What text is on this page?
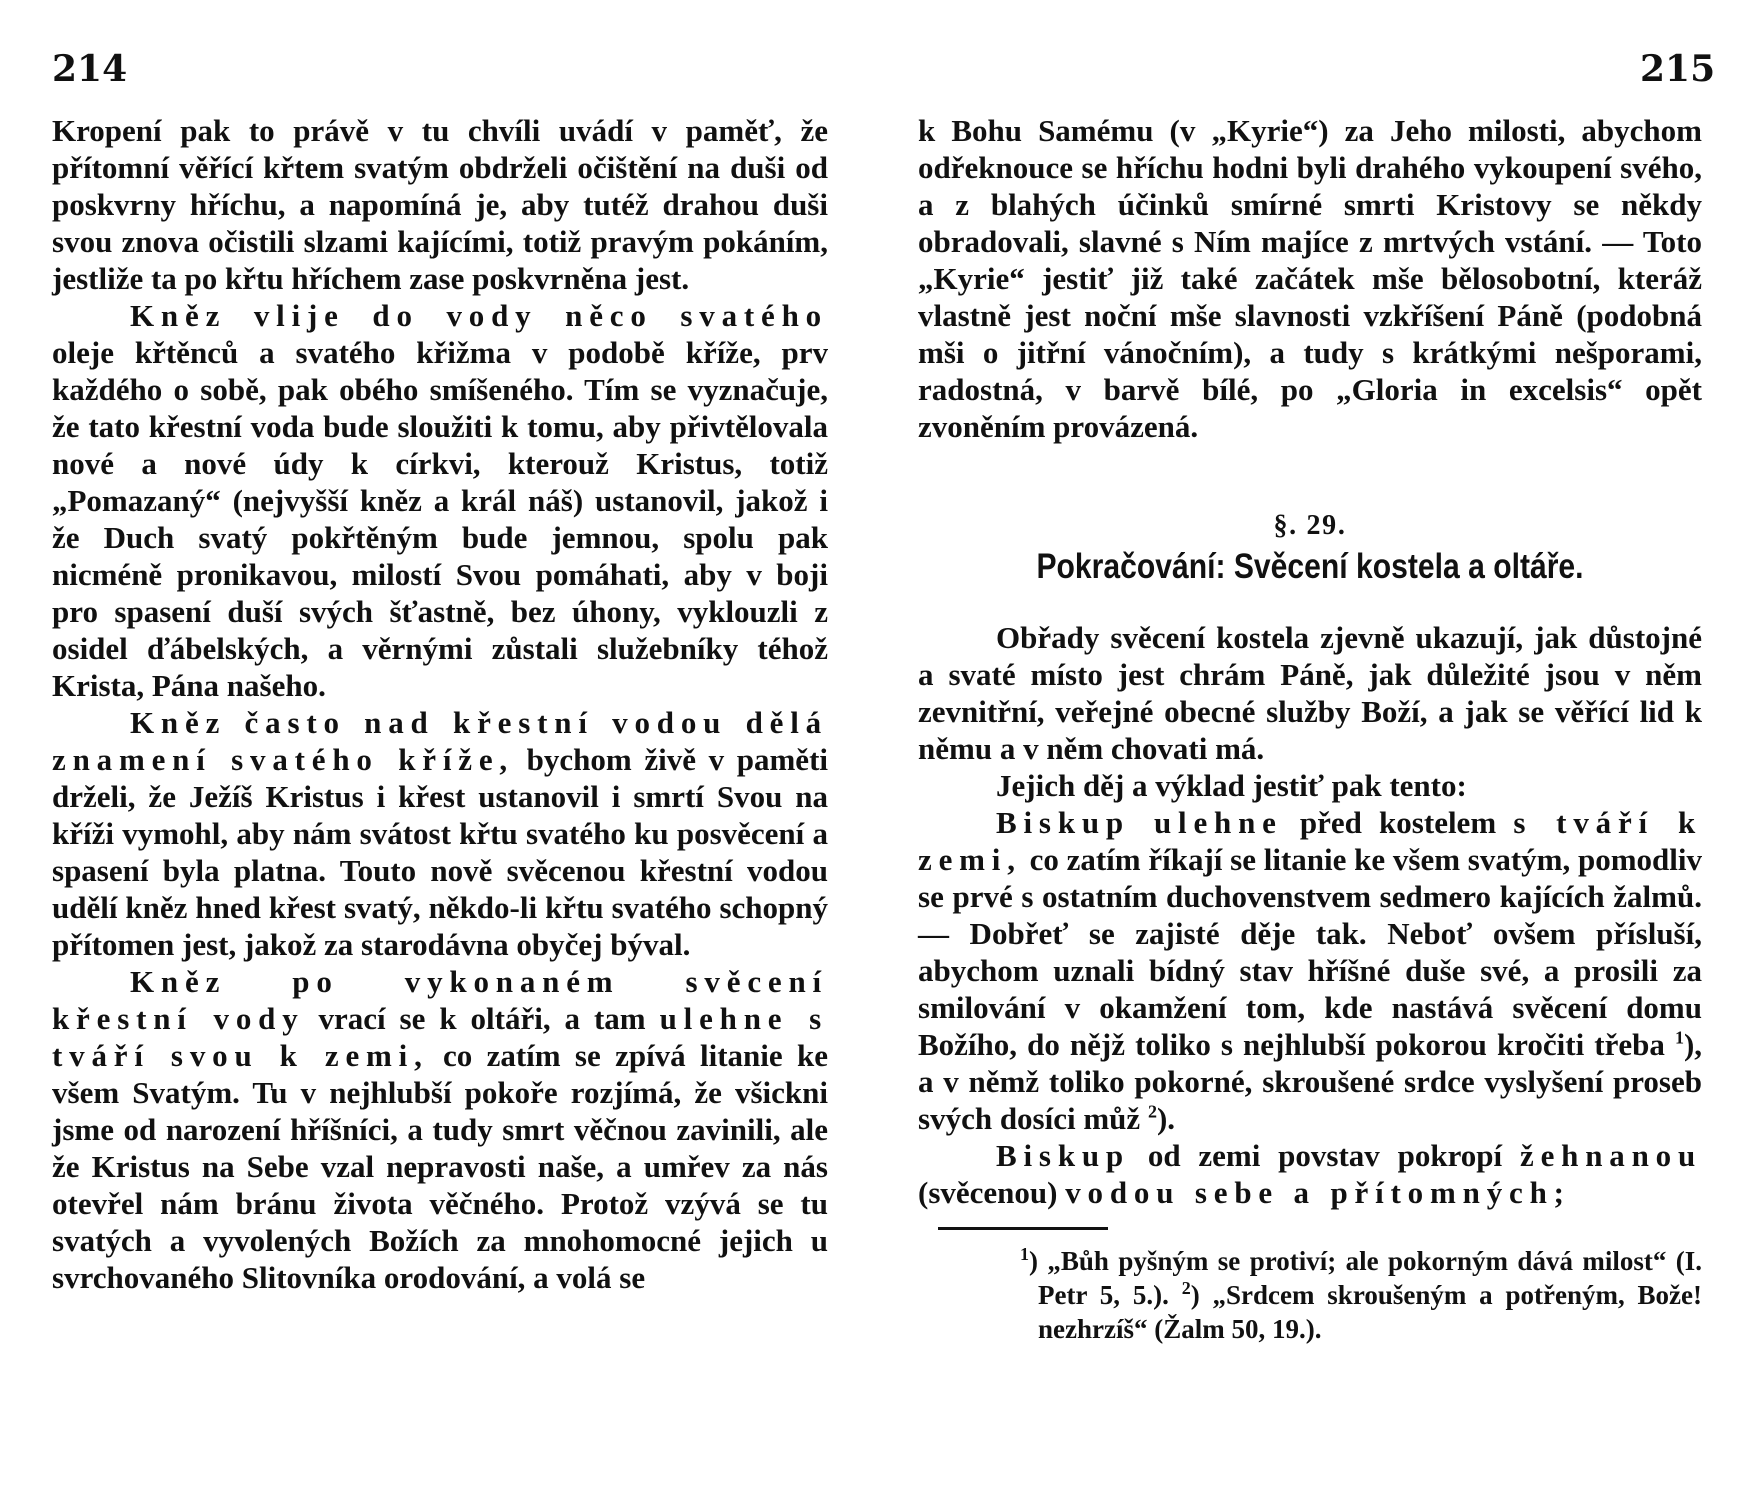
214	215

Kropení pak to právě v tu chvíli uvádí v paměť, že přítomní věřící křtem svatým obdrželi očištění na duši od poskvrny hříchu, a napomíná je, aby tutéž drahou duši svou znova očistili slzami kajícími, totiž pravým pokáním, jestliže ta po křtu hříchem zase poskvrněna jest.

Kněz vlije do vody něco svatého oleje křtěnců a svatého křižma v podobě kříže, prv každého o sobě, pak obého smíšeného. Tím se vyznačuje, že tato křestní voda bude sloužiti k tomu, aby přivtělovala nové a nové údy k církvi, kterouž Kristus, totiž „Pomazaný“ (nejvyšší kněz a král náš) ustanovil, jakož i že Duch svatý pokřtěným bude jemnou, spolu pak nicméně pronikavou, milostí Svou pomáhati, aby v boji pro spasení duší svých šťastně, bez úhony, vyklouzli z osidel ďábelských, a věrnými zůstali služebníky téhož Krista, Pána našeho.

Kněz často nad křestní vodou dělá znamení svatého kříže, bychom živě v paměti drželi, že Ježíš Kristus i křest ustanovil i smrtí Svou na kříži vymohl, aby nám svátost křtu svatého ku posvěcení a spasení byla platna. Touto nově svěcenou křestní vodou udělí kněz hned křest svatý, někdo-li křtu svatého schopný přítomen jest, jakož za starodávna obyčej býval.

Kněz po vykonaném svěcení křestní vody vrací se k oltáři, a tam ulehne s tváří svou k zemi, co zatím se zpívá litanie ke všem Svatým. Tu v nejhlubší pokoře rozjímá, že všickni jsme od narození hříšníci, a tudy smrt věčnou zavinili, ale že Kristus na Sebe vzal nepravosti naše, a umřev za nás otevřel nám bránu života věčného. Protož vzývá se tu svatých a vyvolených Božích za mnohomocné jejich u svrchovaného Slitovníka orodování, a volá se

k Bohu Samému (v „Kyrie“) za Jeho milosti, abychom odřeknouce se hříchu hodni byli drahého vykoupení svého, a z blahých účinků smírné smrti Kristovy se někdy obradovali, slavné s Ním majíce z mrtvých vstání. — Toto „Kyrie“ jestiť již také začátek mše bělosobotní, kteráž vlastně jest noční mše slavnosti vzkříšení Páně (podobná mši o jitřní vánočním), a tudy s krátkými nešporami, radostná, v barvě bílé, po „Gloria in excelsis“ opět zvoněním provázená.

§. 29.

Pokračování: Svěcení kostela a oltáře.

Obřady svěcení kostela zjevně ukazují, jak důstojné a svaté místo jest chrám Páně, jak důležité jsou v něm zevnitřní, veřejné obecné služby Boží, a jak se věřící lid k němu a v něm chovati má.

Jejich děj a výklad jestiť pak tento:

Biskup ulehne před kostelem s tváří k zemi, co zatím říkají se litanie ke všem svatým, pomodliv se prvé s ostatním duchovenstvem sedmero kajících žalmů. — Dobřeť se zajisté děje tak. Neboť ovšem přísluší, abychom uznali bídný stav hříšné duše své, a prosili za smilování v okamžení tom, kde nastává svěcení domu Božího, do nějž toliko s nejhlubší pokorou kročiti třeba $^1$), a v němž toliko pokorné, skroušené srdce vyslyšení proseb svých dosíci můž $^2$).

Biskup od zemi povstav pokropí žehnanou (svěcenou) vodou sebe a přítomných;

$^1$) „Bůh pyšným se protiví; ale pokorným dává milost“ (I. Petr 5, 5.). $^2$) „Srdcem skroušeným a potřeným, Bože! nezhrzíš“ (Žalm 50, 19.).
